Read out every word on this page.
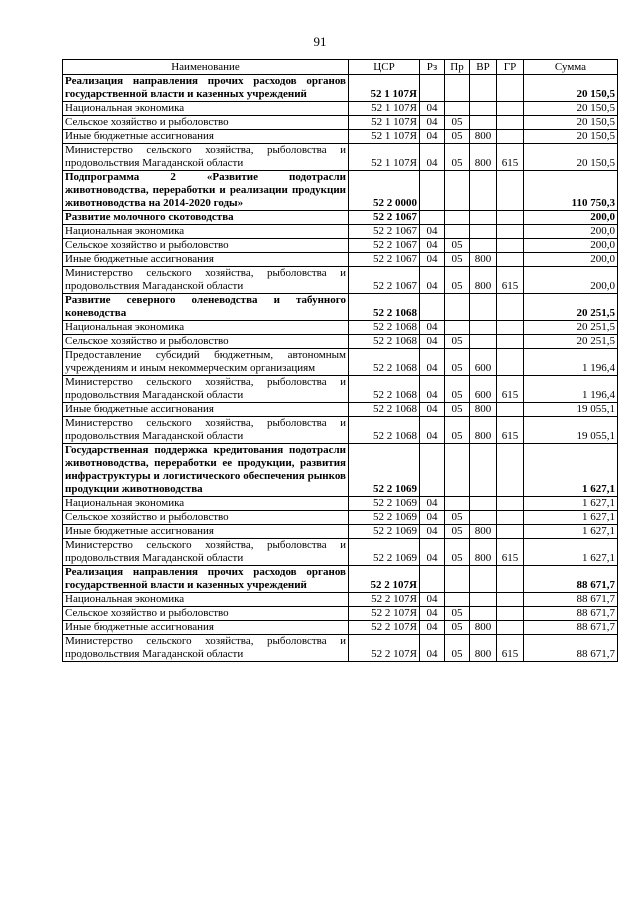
91
Наименование	ЦСР	Рз	Пр	ВР	ГР	Сумма
Реализация направления прочих расходов органов государственной власти и казенных учреждений	52 1 107Я					20 150,5
Национальная экономика	52 1 107Я	04				20 150,5
Сельское хозяйство и рыболовство	52 1 107Я	04	05			20 150,5
Иные бюджетные ассигнования	52 1 107Я	04	05	800		20 150,5
Министерство сельского хозяйства, рыболовства и продовольствия Магаданской области	52 1 107Я	04	05	800	615	20 150,5
Подпрограмма 2 «Развитие подотрасли животноводства, переработки и реализации продукции животноводства на 2014-2020 годы»	52 2 0000					110 750,3
Развитие молочного скотоводства	52 2 1067					200,0
Национальная экономика	52 2 1067	04				200,0
Сельское хозяйство и рыболовство	52 2 1067	04	05			200,0
Иные бюджетные ассигнования	52 2 1067	04	05	800		200,0
Министерство сельского хозяйства, рыболовства и продовольствия Магаданской области	52 2 1067	04	05	800	615	200,0
Развитие северного оленеводства и табунного коневодства	52 2 1068					20 251,5
Национальная экономика	52 2 1068	04				20 251,5
Сельское хозяйство и рыболовство	52 2 1068	04	05			20 251,5
Предоставление субсидий бюджетным, автономным учреждениям и иным некоммерческим организациям	52 2 1068	04	05	600		1 196,4
Министерство сельского хозяйства, рыболовства и продовольствия Магаданской области	52 2 1068	04	05	600	615	1 196,4
Иные бюджетные ассигнования	52 2 1068	04	05	800		19 055,1
Министерство сельского хозяйства, рыболовства и продовольствия Магаданской области	52 2 1068	04	05	800	615	19 055,1
Государственная поддержка кредитования подотрасли животноводства, переработки ее продукции, развития инфраструктуры и логистического обеспечения рынков продукции животноводства	52 2 1069					1 627,1
Национальная экономика	52 2 1069	04				1 627,1
Сельское хозяйство и рыболовство	52 2 1069	04	05			1 627,1
Иные бюджетные ассигнования	52 2 1069	04	05	800		1 627,1
Министерство сельского хозяйства, рыболовства и продовольствия Магаданской области	52 2 1069	04	05	800	615	1 627,1
Реализация направления прочих расходов органов государственной власти и казенных учреждений	52 2 107Я					88 671,7
Национальная экономика	52 2 107Я	04				88 671,7
Сельское хозяйство и рыболовство	52 2 107Я	04	05			88 671,7
Иные бюджетные ассигнования	52 2 107Я	04	05	800		88 671,7
Министерство сельского хозяйства, рыболовства и продовольствия Магаданской области	52 2 107Я	04	05	800	615	88 671,7
